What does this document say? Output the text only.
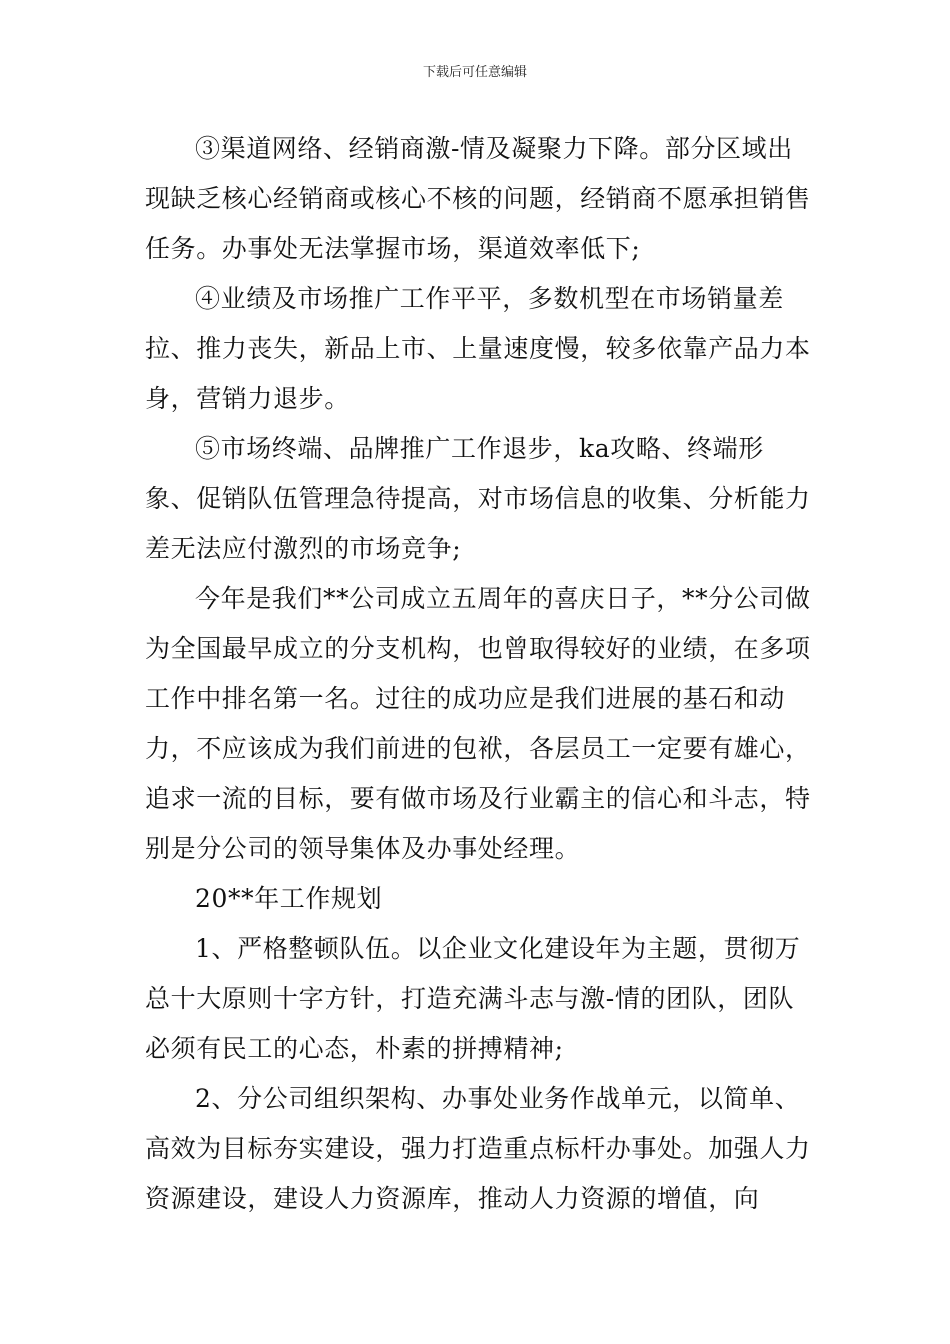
下载后可任意编辑

③渠道网络、经销商激-情及凝聚力下降。部分区域出现缺乏核心经销商或核心不核的问题，经销商不愿承担销售任务。办事处无法掌握市场，渠道效率低下;

④业绩及市场推广工作平平，多数机型在市场销量差拉、推力丧失，新品上市、上量速度慢，较多依靠产品力本身，营销力退步。

⑤市场终端、品牌推广工作退步，ka攻略、终端形象、促销队伍管理急待提高，对市场信息的收集、分析能力差无法应付激烈的市场竞争;

今年是我们**公司成立五周年的喜庆日子，**分公司做为全国最早成立的分支机构，也曾取得较好的业绩，在多项工作中排名第一名。过往的成功应是我们进展的基石和动力，不应该成为我们前进的包袱，各层员工一定要有雄心，追求一流的目标，要有做市场及行业霸主的信心和斗志，特别是分公司的领导集体及办事处经理。

20**年工作规划

1、严格整顿队伍。以企业文化建设年为主题，贯彻万总十大原则十字方针，打造充满斗志与激-情的团队，团队必须有民工的心态，朴素的拼搏精神;

2、分公司组织架构、办事处业务作战单元，以简单、高效为目标夯实建设，强力打造重点标杆办事处。加强人力资源建设，建设人力资源库，推动人力资源的增值，向
